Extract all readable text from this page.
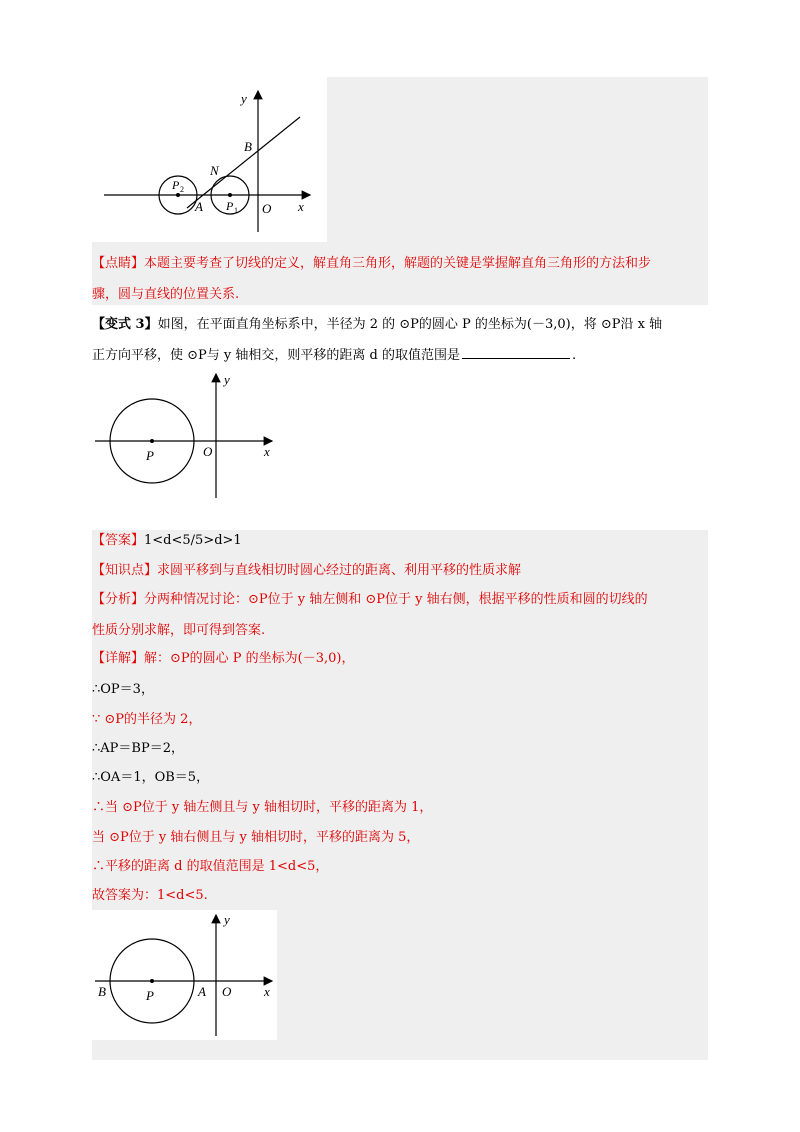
y
B
N
P 2
A P 1 O x
【点睛】本题主要考查了切线的定义，解直角三角形，解题的关键是掌握解直角三角形的方法和步
骤，圆与直线的位置关系.
【变式 3】如图，在平面直角坐标系中，半径为 2 的 ⊙P的圆心 P 的坐标为(－3,0)，将 ⊙P沿 x 轴
正方向平移，使 ⊙P与 y 轴相交，则平移的距离 d 的取值范围是	.
y
O	x
P
【答案】1<d<5/5>d>1
【知识点】求圆平移到与直线相切时圆心经过的距离、利用平移的性质求解
【分析】分两种情况讨论：⊙P位于 y 轴左侧和 ⊙P位于 y 轴右侧，根据平移的性质和圆的切线的
性质分别求解，即可得到答案.
【详解】解：⊙P的圆心 P 的坐标为(－3,0)，
∴OP＝3，
∵ ⊙P的半径为 2，
∴AP＝BP＝2，
∴OA＝1，OB＝5，
∴当 ⊙P位于 y 轴左侧且与 y 轴相切时，平移的距离为 1，
当 ⊙P位于 y 轴右侧且与 y 轴相切时，平移的距离为 5，
∴平移的距离 d 的取值范围是 1<d<5，
故答案为：1<d<5.
y
B	P	A O	x
